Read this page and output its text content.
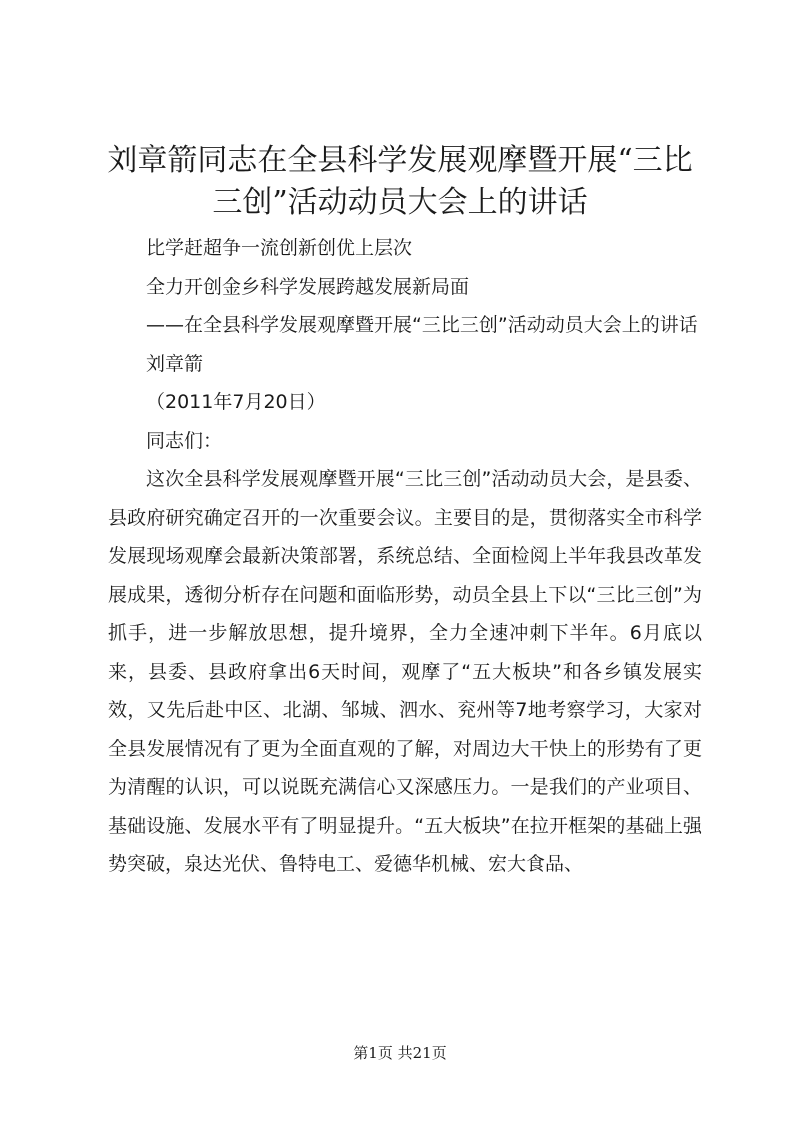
刘章箭同志在全县科学发展观摩暨开展“三比
三创”活动动员大会上的讲话

比学赶超争一流创新创优上层次

全力开创金乡科学发展跨越发展新局面

——在全县科学发展观摩暨开展“三比三创”活动动员大会上的讲话

刘章箭

（2011年7月20日）

同志们：

这次全县科学发展观摩暨开展“三比三创”活动动员大会，是县委、县政府研究确定召开的一次重要会议。主要目的是，贯彻落实全市科学发展现场观摩会最新决策部署，系统总结、全面检阅上半年我县改革发展成果，透彻分析存在问题和面临形势，动员全县上下以“三比三创”为抓手，进一步解放思想，提升境界，全力全速冲刺下半年。6月底以来，县委、县政府拿出6天时间，观摩了“五大板块”和各乡镇发展实效，又先后赴中区、北湖、邹城、泗水、兖州等7地考察学习，大家对全县发展情况有了更为全面直观的了解，对周边大干快上的形势有了更为清醒的认识，可以说既充满信心又深感压力。一是我们的产业项目、基础设施、发展水平有了明显提升。“五大板块”在拉开框架的基础上强势突破，泉达光伏、鲁特电工、爱德华机械、宏大食品、

第1页 共21页
